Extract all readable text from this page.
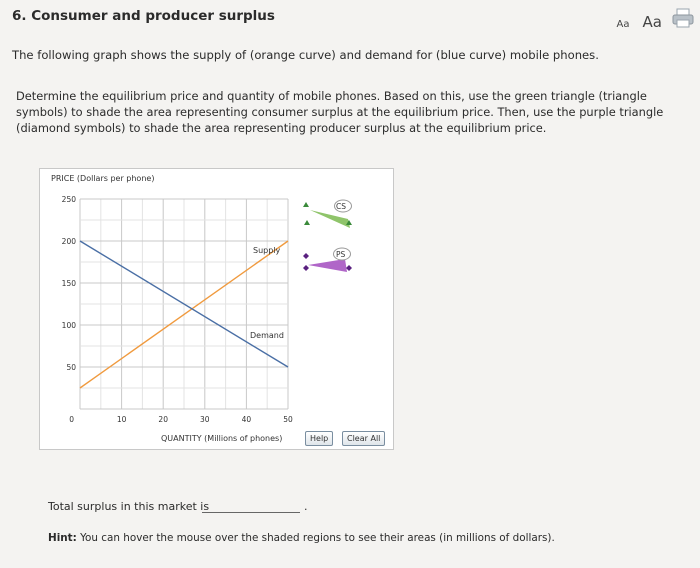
6. Consumer and producer surplus
Aa Aa
The following graph shows the supply of (orange curve) and demand for (blue curve) mobile phones.
Determine the equilibrium price and quantity of mobile phones. Based on this, use the green triangle (triangle symbols) to shade the area representing consumer surplus at the equilibrium price. Then, use the purple triangle (diamond symbols) to shade the area representing producer surplus at the equilibrium price.
250
200
150
100
50
0	10	20	30	40	50
PRICE (Dollars per phone)
QUANTITY (Millions of phones)
Supply
Demand
CS
PS
Help	Clear All
Total surplus in this market is	.
Hint: You can hover the mouse over the shaded regions to see their areas (in millions of dollars).
